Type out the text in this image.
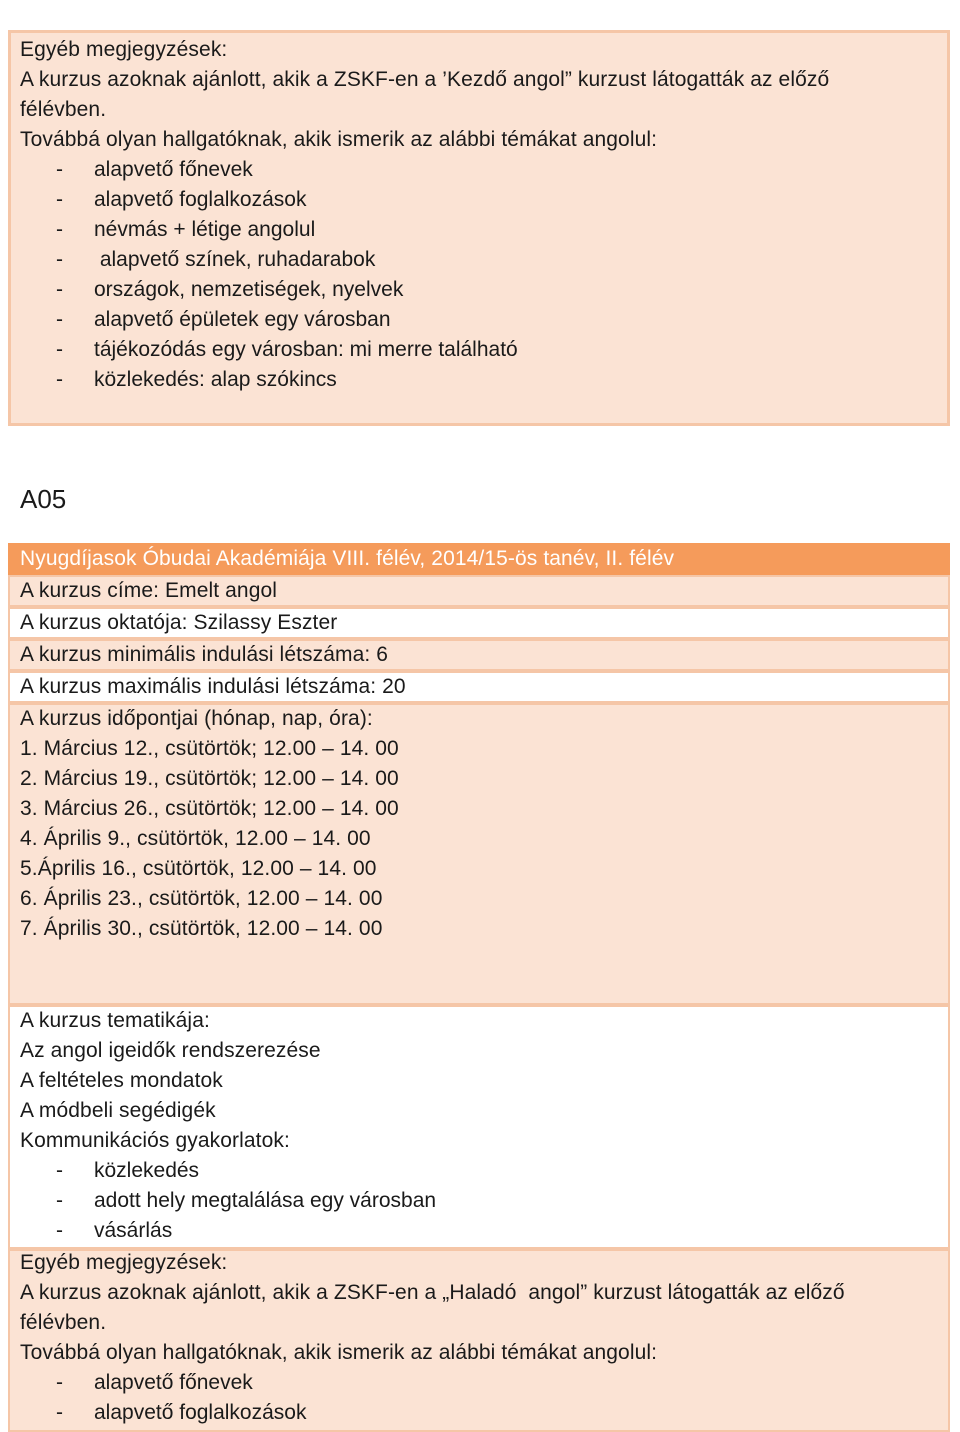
Egyéb megjegyzések:
A kurzus azoknak ajánlott, akik a ZSKF-en a ’Kezdő angol” kurzust látogatták az előző
félévben.
Továbbá olyan hallgatóknak, akik ismerik az alábbi témákat angolul:
- alapvető főnevek
- alapvető foglalkozások
- névmás + létige angolul
- alapvető színek, ruhadarabok
- országok, nemzetiségek, nyelvek
- alapvető épületek egy városban
- tájékozódás egy városban: mi merre található
- közlekedés: alap szókincs
A05
Nyugdíjasok Óbudai Akadémiája VIII. félév, 2014/15-ös tanév, II. félév
A kurzus címe: Emelt angol
A kurzus oktatója: Szilassy Eszter
A kurzus minimális indulási létszáma: 6
A kurzus maximális indulási létszáma: 20
A kurzus időpontjai (hónap, nap, óra):
1. Március 12., csütörtök; 12.00 – 14. 00
2. Március 19., csütörtök; 12.00 – 14. 00
3. Március 26., csütörtök; 12.00 – 14. 00
4. Április 9., csütörtök, 12.00 – 14. 00
5.Április 16., csütörtök, 12.00 – 14. 00
6. Április 23., csütörtök, 12.00 – 14. 00
7. Április 30., csütörtök, 12.00 – 14. 00
A kurzus tematikája:
Az angol igeidők rendszerezése
A feltételes mondatok
A módbeli segédigék
Kommunikációs gyakorlatok:
- közlekedés
- adott hely megtalálása egy városban
- vásárlás
Egyéb megjegyzések:
A kurzus azoknak ajánlott, akik a ZSKF-en a „Haladó  angol” kurzust látogatták az előző
félévben.
Továbbá olyan hallgatóknak, akik ismerik az alábbi témákat angolul:
- alapvető főnevek
- alapvető foglalkozások
